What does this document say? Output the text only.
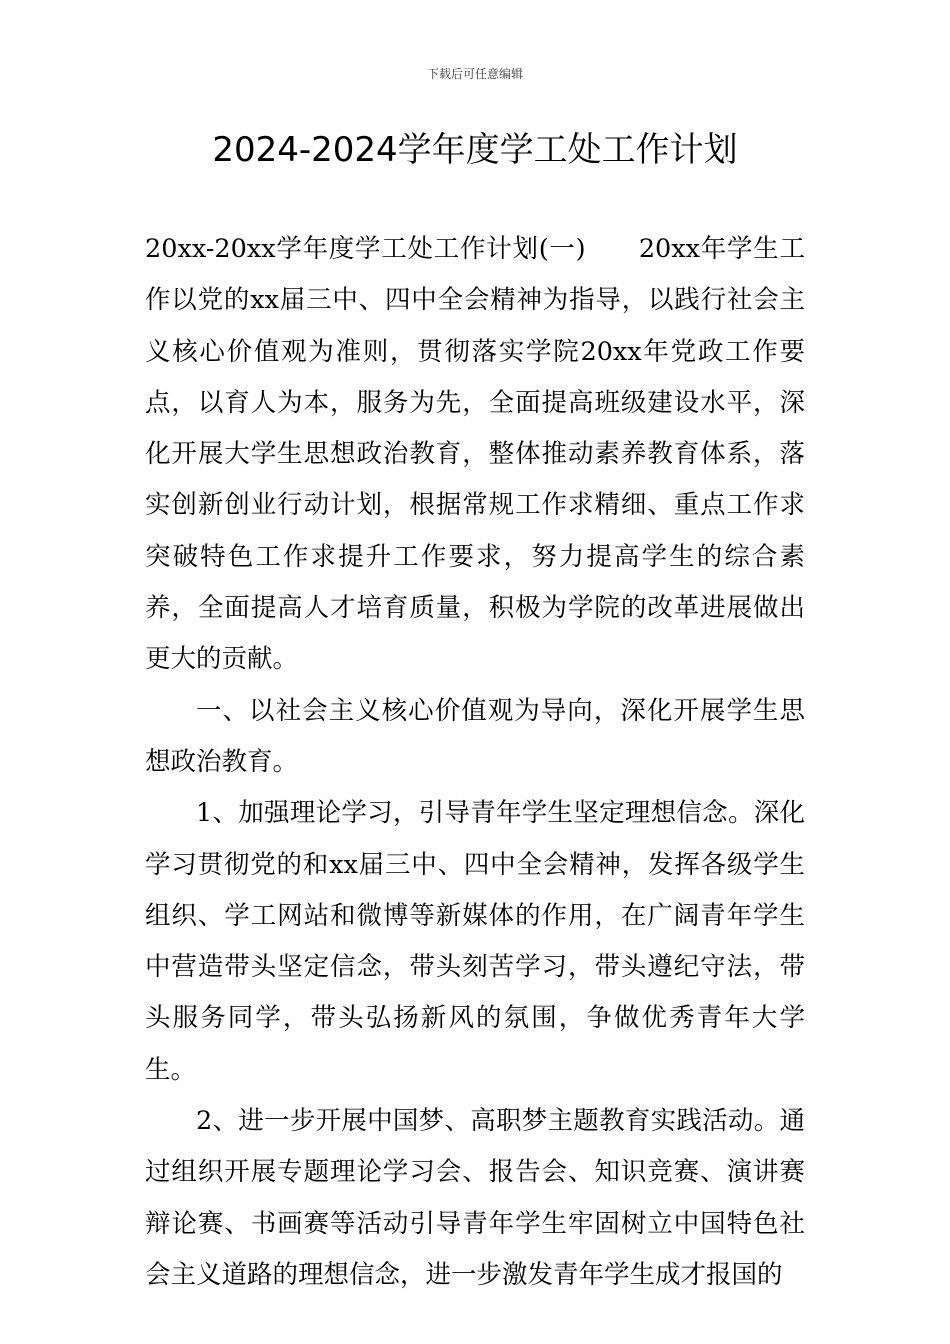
下载后可任意编辑
2024-2024学年度学工处工作计划

20xx-20xx学年度学工处工作计划(一)　　20xx年学生工作以党的xx届三中、四中全会精神为指导，以践行社会主义核心价值观为准则，贯彻落实学院20xx年党政工作要点，以育人为本，服务为先，全面提高班级建设水平，深化开展大学生思想政治教育，整体推动素养教育体系，落实创新创业行动计划，根据常规工作求精细、重点工作求突破特色工作求提升工作要求，努力提高学生的综合素养，全面提高人才培育质量，积极为学院的改革进展做出更大的贡献。

一、以社会主义核心价值观为导向，深化开展学生思想政治教育。

1、加强理论学习，引导青年学生坚定理想信念。深化学习贯彻党的和xx届三中、四中全会精神，发挥各级学生组织、学工网站和微博等新媒体的作用，在广阔青年学生中营造带头坚定信念，带头刻苦学习，带头遵纪守法，带头服务同学，带头弘扬新风的氛围，争做优秀青年大学生。

2、进一步开展中国梦、高职梦主题教育实践活动。通过组织开展专题理论学习会、报告会、知识竞赛、演讲赛辩论赛、书画赛等活动引导青年学生牢固树立中国特色社会主义道路的理想信念，进一步激发青年学生成才报国的
